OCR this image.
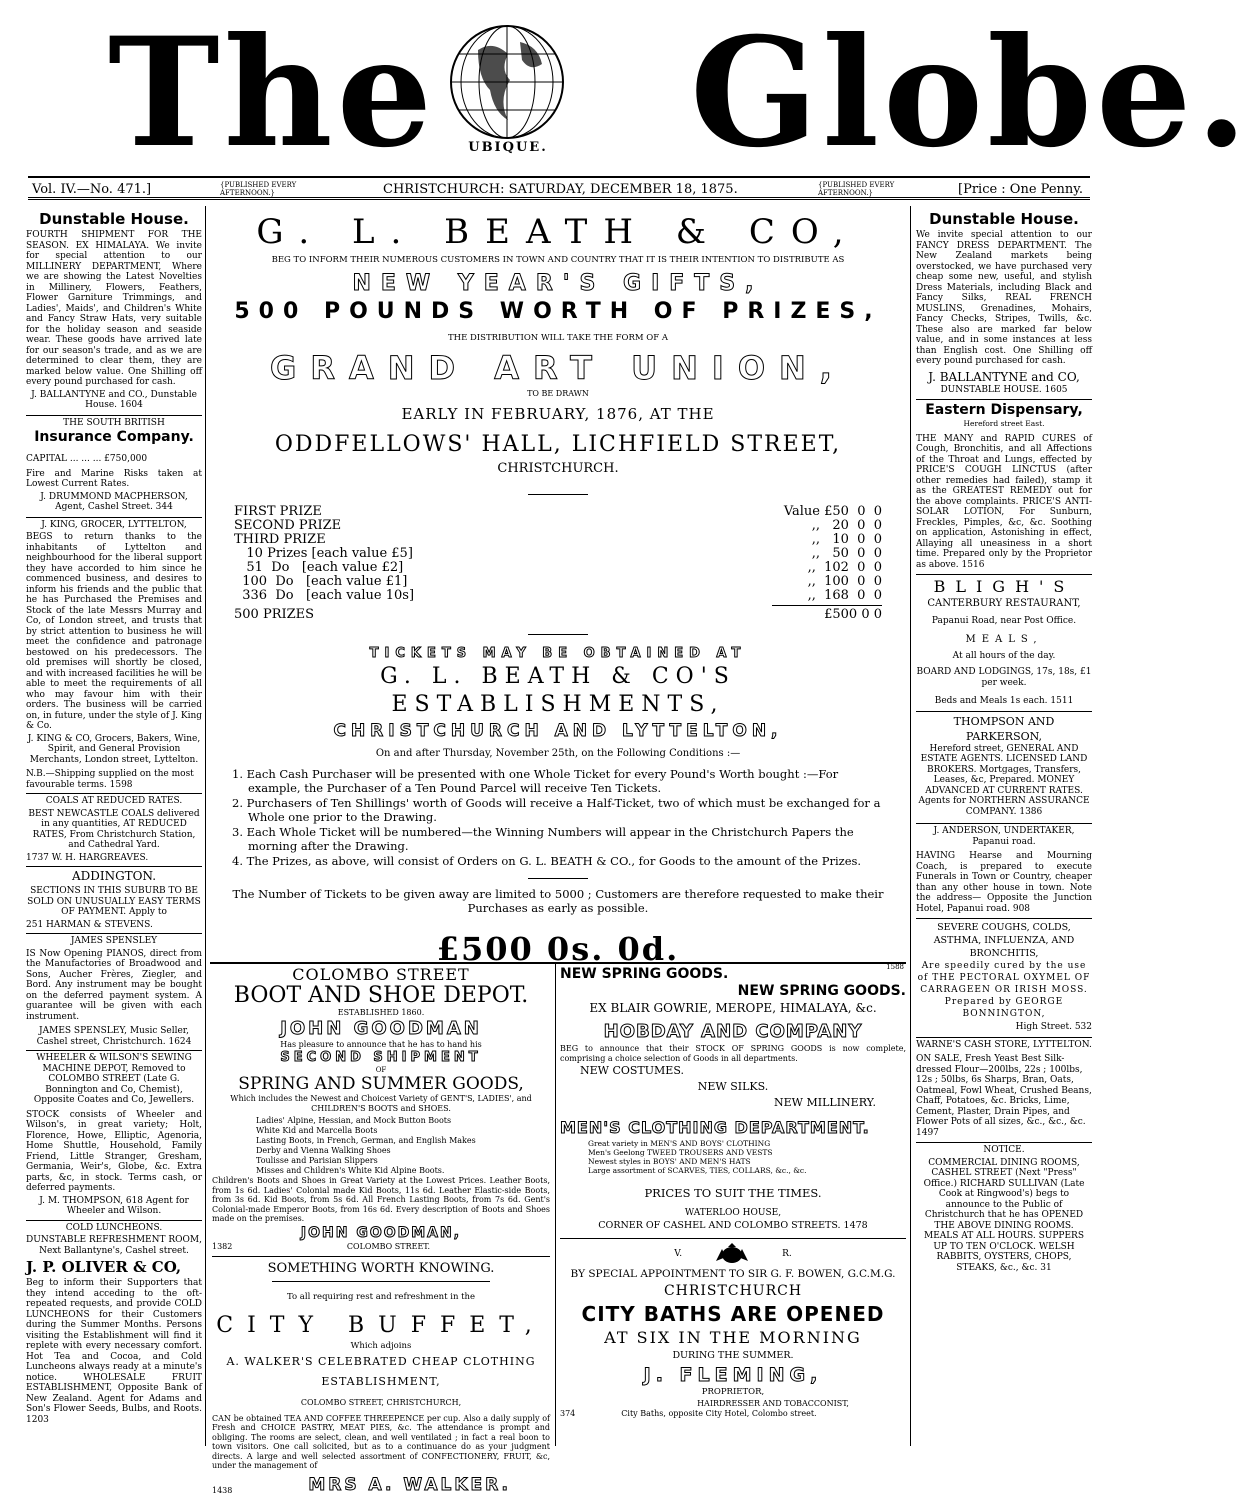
The	UBIQUE. Globe.
Vol. IV.—No. 471.]	{PUBLISHED EVERY AFTERNOON.}	CHRISTCHURCH: SATURDAY, DECEMBER 18, 1875.	{PUBLISHED EVERY AFTERNOON.}	[Price : One Penny.
Dunstable House.
FOURTH SHIPMENT FOR THE SEASON. EX HIMALAYA. We invite for special attention to our MILLINERY DEPARTMENT, Where we are showing the Latest Novelties in Millinery, Flowers, Feathers, Flower Garniture Trimmings, and Ladies', Maids', and Children's White and Fancy Straw Hats, very suitable for the holiday season and seaside wear. These goods have arrived late for our season's trade, and as we are determined to clear them, they are marked below value. One Shilling off every pound purchased for cash.
J. BALLANTYNE and CO., Dunstable House. 1604
THE SOUTH BRITISH
Insurance Company.
CAPITAL ... ... ... £750,000
Fire and Marine Risks taken at Lowest Current Rates.
J. DRUMMOND MACPHERSON, Agent, Cashel Street. 344
J. KING, GROCER, LYTTELTON,
BEGS to return thanks to the inhabitants of Lyttelton and neighbourhood for the liberal support they have accorded to him since he commenced business, and desires to inform his friends and the public that he has Purchased the Premises and Stock of the late Messrs Murray and Co, of London street, and trusts that by strict attention to business he will meet the confidence and patronage bestowed on his predecessors. The old premises will shortly be closed, and with increased facilities he will be able to meet the requirements of all who may favour him with their orders. The business will be carried on, in future, under the style of J. King & Co.
J. KING & CO, Grocers, Bakers, Wine, Spirit, and General Provision Merchants, London street, Lyttelton.
N.B.—Shipping supplied on the most favourable terms. 1598
COALS AT REDUCED RATES.
BEST NEWCASTLE COALS delivered in any quantities, AT REDUCED RATES, From Christchurch Station, and Cathedral Yard.
1737 W. H. HARGREAVES.
ADDINGTON.
SECTIONS IN THIS SUBURB TO BE SOLD ON UNUSUALLY EASY TERMS OF PAYMENT. Apply to
251 HARMAN & STEVENS.
JAMES SPENSLEY
IS Now Opening PIANOS, direct from the Manufactories of Broadwood and Sons, Aucher Frères, Ziegler, and Bord. Any instrument may be bought on the deferred payment system. A guarantee will be given with each instrument.
JAMES SPENSLEY, Music Seller, Cashel street, Christchurch. 1624
WHEELER & WILSON'S SEWING MACHINE DEPOT, Removed to COLOMBO STREET (Late G. Bonnington and Co, Chemist), Opposite Coates and Co, Jewellers.
STOCK consists of Wheeler and Wilson's, in great variety; Holt, Florence, Howe, Elliptic, Agenoria, Home Shuttle, Household, Family Friend, Little Stranger, Gresham, Germania, Weir's, Globe, &c. Extra parts, &c, in stock. Terms cash, or deferred payments.
J. M. THOMPSON, 618 Agent for Wheeler and Wilson.
COLD LUNCHEONS.
DUNSTABLE REFRESHMENT ROOM, Next Ballantyne's, Cashel street.
J. P. OLIVER & CO,
Beg to inform their Supporters that they intend acceding to the oft-repeated requests, and provide COLD LUNCHEONS for their Customers during the Summer Months. Persons visiting the Establishment will find it replete with every necessary comfort. Hot Tea and Cocoa, and Cold Luncheons always ready at a minute's notice. WHOLESALE FRUIT ESTABLISHMENT, Opposite Bank of New Zealand. Agent for Adams and Son's Flower Seeds, Bulbs, and Roots. 1203
G. L. BEATH & CO,
BEG TO INFORM THEIR NUMEROUS CUSTOMERS IN TOWN AND COUNTRY THAT IT IS THEIR INTENTION TO DISTRIBUTE AS
NEW YEAR'S GIFTS,
500 POUNDS WORTH OF PRIZES,
THE DISTRIBUTION WILL TAKE THE FORM OF A
GRAND ART UNION,
TO BE DRAWN
EARLY IN FEBRUARY, 1876, AT THE
ODDFELLOWS' HALL, LICHFIELD STREET,
CHRISTCHURCH.
FIRST PRIZE	Value £50  0  0
SECOND PRIZE	,,   20  0  0
THIRD PRIZE	,,   10  0  0
10 Prizes [each value £5]	,,   50  0  0
51  Do   [each value £2]	,,  102  0  0
100  Do   [each value £1]	,,  100  0  0
336  Do   [each value 10s]	,,  168  0  0
500 PRIZES	£500 0 0
TICKETS MAY BE OBTAINED AT
G. L. BEATH & CO'S ESTABLISHMENTS,
CHRISTCHURCH AND LYTTELTON,
On and after Thursday, November 25th, on the Following Conditions :—
1. Each Cash Purchaser will be presented with one Whole Ticket for every Pound's Worth bought :—For example, the Purchaser of a Ten Pound Parcel will receive Ten Tickets.
2. Purchasers of Ten Shillings' worth of Goods will receive a Half-Ticket, two of which must be exchanged for a Whole one prior to the Drawing.
3. Each Whole Ticket will be numbered—the Winning Numbers will appear in the Christchurch Papers the morning after the Drawing.
4. The Prizes, as above, will consist of Orders on G. L. BEATH & CO., for Goods to the amount of the Prizes.
The Number of Tickets to be given away are limited to 5000 ; Customers are therefore requested to make their Purchases as early as possible.
£500 0s. 0d.	1588
COLOMBO STREET
BOOT AND SHOE DEPOT.
ESTABLISHED 1860.
JOHN GOODMAN
Has pleasure to announce that he has to hand his
SECOND SHIPMENT
OF
SPRING AND SUMMER GOODS,
Which includes the Newest and Choicest Variety of GENT'S, LADIES', and CHILDREN'S BOOTS and SHOES.
Ladies' Alpine, Hessian, and Mock Button Boots
White Kid and Marcella Boots
Lasting Boots, in French, German, and English Makes
Derby and Vienna Walking Shoes
Toulisse and Parisian Slippers
Misses and Children's White Kid Alpine Boots.
Children's Boots and Shoes in Great Variety at the Lowest Prices. Leather Boots, from 1s 6d. Ladies' Colonial made Kid Boots, 11s 6d. Leather Elastic-side Boots, from 3s 6d. Kid Boots, from 5s 6d. All French Lasting Boots, from 7s 6d. Gent's Colonial-made Emperor Boots, from 16s 6d. Every description of Boots and Shoes made on the premises.
JOHN GOODMAN,
1382	COLOMBO STREET.
SOMETHING WORTH KNOWING.
To all requiring rest and refreshment in the
CITY BUFFET,
Which adjoins
A. WALKER'S CELEBRATED CHEAP CLOTHING ESTABLISHMENT,
COLOMBO STREET, CHRISTCHURCH,
CAN be obtained TEA AND COFFEE THREEPENCE per cup. Also a daily supply of Fresh and CHOICE PASTRY, MEAT PIES, &c. The attendance is prompt and obliging. The rooms are select, clean, and well ventilated ; in fact a real boon to town visitors. One call solicited, but as to a continuance do as your judgment directs. A large and well selected assortment of CONFECTIONERY, FRUIT, &c, under the management of
1438	MRS A. WALKER.
NEW SPRING GOODS.
NEW SPRING GOODS.
EX BLAIR GOWRIE, MEROPE, HIMALAYA, &c.
HOBDAY AND COMPANY
BEG to announce that their STOCK OF SPRING GOODS is now complete, comprising a choice selection of Goods in all departments.
NEW COSTUMES.
NEW SILKS.
NEW MILLINERY.
MEN'S CLOTHING DEPARTMENT.
Great variety in MEN'S AND BOYS' CLOTHING
Men's Geelong TWEED TROUSERS AND VESTS
Newest styles in BOYS' AND MEN'S HATS
Large assortment of SCARVES, TIES, COLLARS, &c., &c.
PRICES TO SUIT THE TIMES.
WATERLOO HOUSE,
CORNER OF CASHEL AND COLOMBO STREETS. 1478
V.	R.
BY SPECIAL APPOINTMENT TO SIR G. F. BOWEN, G.C.M.G.
CHRISTCHURCH
CITY BATHS ARE OPENED
AT SIX IN THE MORNING
DURING THE SUMMER.
J. FLEMING,
PROPRIETOR,
HAIRDRESSER AND TOBACCONIST,
374	City Baths, opposite City Hotel, Colombo street.
Dunstable House.
We invite special attention to our FANCY DRESS DEPARTMENT. The New Zealand markets being overstocked, we have purchased very cheap some new, useful, and stylish Dress Materials, including Black and Fancy Silks, REAL FRENCH MUSLINS, Grenadines, Mohairs, Fancy Checks, Stripes, Twills, &c. These also are marked far below value, and in some instances at less than English cost. One Shilling off every pound purchased for cash.
J. BALLANTYNE and CO,
DUNSTABLE HOUSE. 1605
Eastern Dispensary,
Hereford street East.
THE MANY and RAPID CURES of Cough, Bronchitis, and all Affections of the Throat and Lungs, effected by PRICE'S COUGH LINCTUS (after other remedies had failed), stamp it as the GREATEST REMEDY out for the above complaints. PRICE'S ANTI-SOLAR LOTION, For Sunburn, Freckles, Pimples, &c, &c. Soothing on application, Astonishing in effect, Allaying all uneasiness in a short time. Prepared only by the Proprietor as above. 1516
BLIGH'S
CANTERBURY RESTAURANT,
Papanui Road, near Post Office.
MEALS,
At all hours of the day.
BOARD AND LODGINGS, 17s, 18s, £1 per week.
Beds and Meals 1s each. 1511
THOMPSON AND PARKERSON,
Hereford street, GENERAL AND ESTATE AGENTS. LICENSED LAND BROKERS. Mortgages, Transfers, Leases, &c, Prepared. MONEY ADVANCED AT CURRENT RATES. Agents for NORTHERN ASSURANCE COMPANY. 1386
J. ANDERSON, UNDERTAKER, Papanui road.
HAVING Hearse and Mourning Coach, is prepared to execute Funerals in Town or Country, cheaper than any other house in town. Note the address— Opposite the Junction Hotel, Papanui road. 908
SEVERE COUGHS, COLDS, ASTHMA, INFLUENZA, AND BRONCHITIS,
Are speedily cured by the use of THE PECTORAL OXYMEL OF CARRAGEEN OR IRISH MOSS. Prepared by GEORGE BONNINGTON,
High Street. 532
WARNE'S CASH STORE, LYTTELTON.
ON SALE, Fresh Yeast Best Silk-dressed Flour—200lbs, 22s ; 100lbs, 12s ; 50lbs, 6s Sharps, Bran, Oats, Oatmeal, Fowl Wheat, Crushed Beans, Chaff, Potatoes, &c. Bricks, Lime, Cement, Plaster, Drain Pipes, and Flower Pots of all sizes, &c., &c., &c. 1497
NOTICE.
COMMERCIAL DINING ROOMS, CASHEL STREET (Next "Press" Office.) RICHARD SULLIVAN (Late Cook at Ringwood's) begs to announce to the Public of Christchurch that he has OPENED THE ABOVE DINING ROOMS. MEALS AT ALL HOURS. SUPPERS UP TO TEN O'CLOCK. WELSH RABBITS, OYSTERS, CHOPS, STEAKS, &c., &c. 31
